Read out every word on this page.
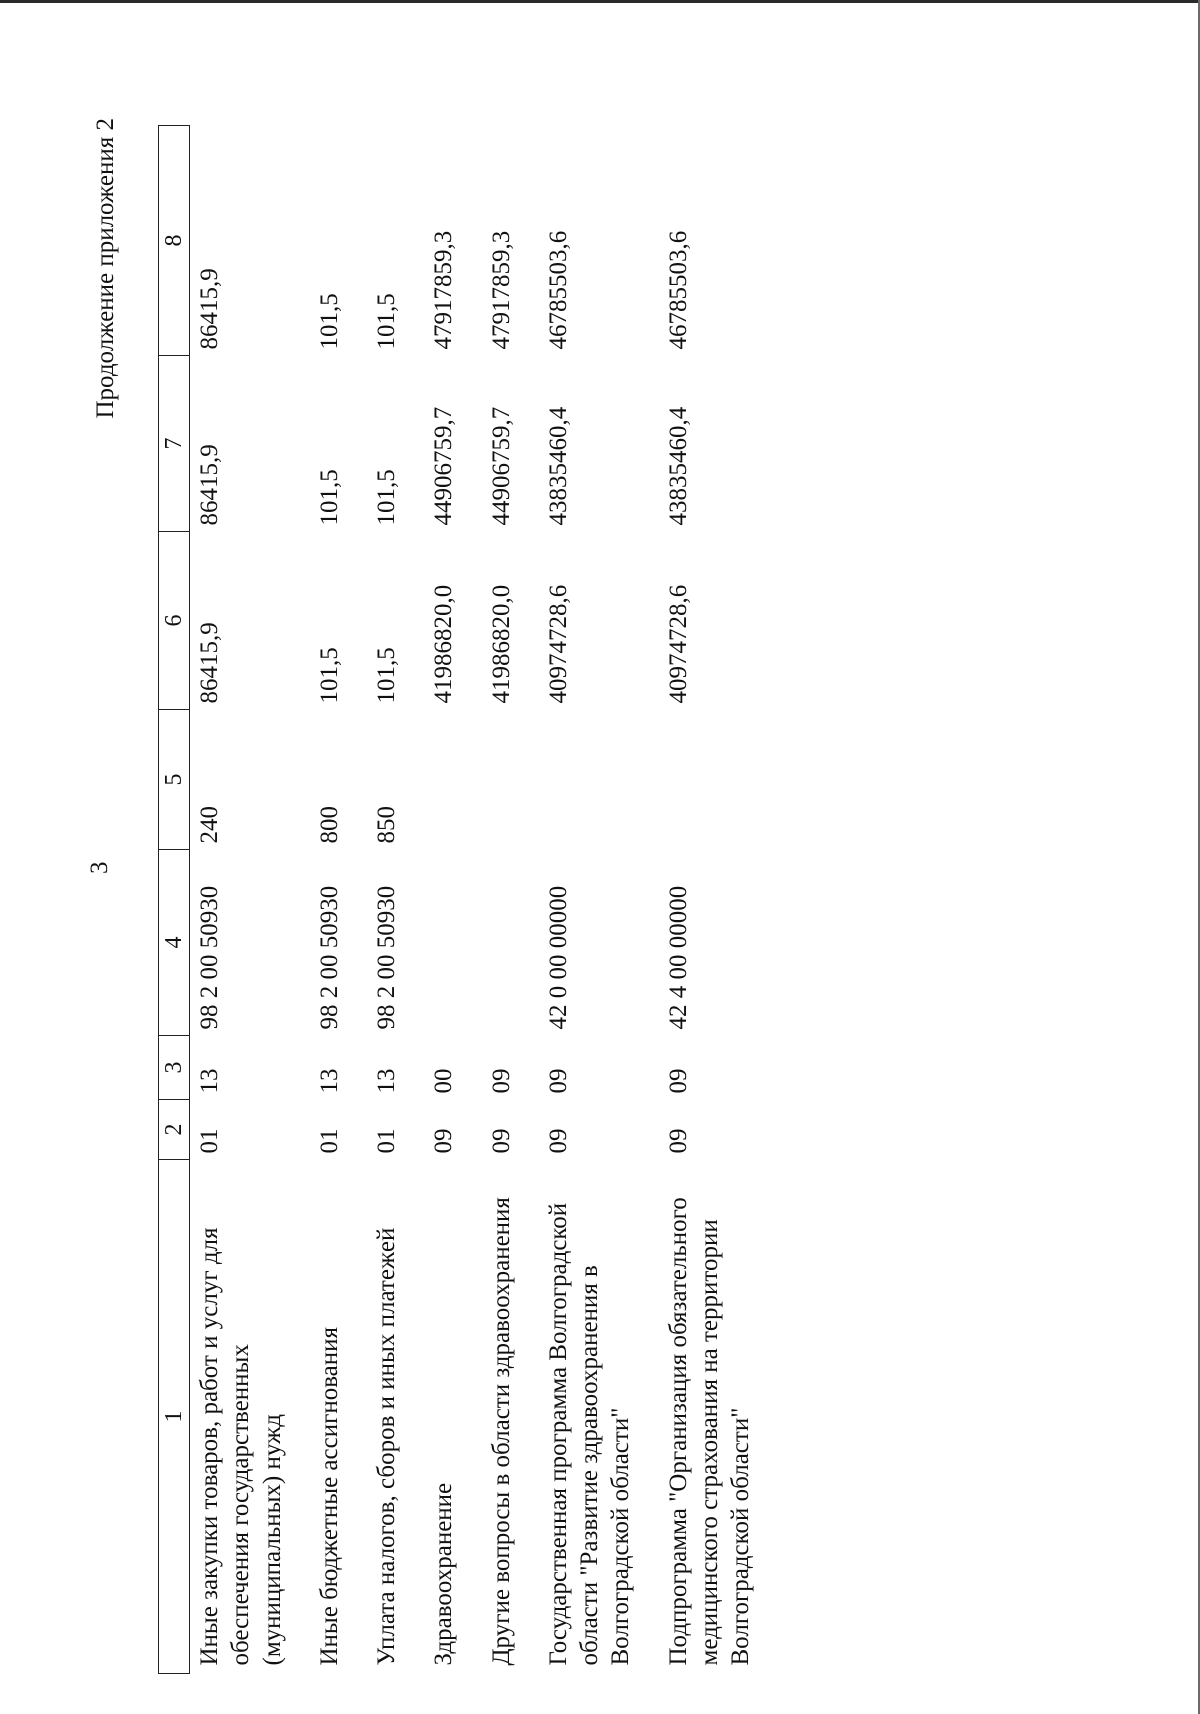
3
Продолжение приложения 2
1	2	3	4	5	6	7	8
Иные закупки товаров, работ и услуг для обеспечения государственных (муниципальных) нужд	01	13	98 2 00 50930	240	86415,9	86415,9	86415,9
Иные бюджетные ассигнования	01	13	98 2 00 50930	800	101,5	101,5	101,5
Уплата налогов, сборов и иных платежей	01	13	98 2 00 50930	850	101,5	101,5	101,5
Здравоохранение	09	00			41986820,0	44906759,7	47917859,3
Другие вопросы в области здравоохранения	09	09			41986820,0	44906759,7	47917859,3
Государственная программа Волгоградской области "Развитие здравоохранения в Волгоградской области"	09	09	42 0 00 00000		40974728,6	43835460,4	46785503,6
Подпрограмма "Организация обязательного медицинского страхования на территории Волгоградской области"	09	09	42 4 00 00000		40974728,6	43835460,4	46785503,6
